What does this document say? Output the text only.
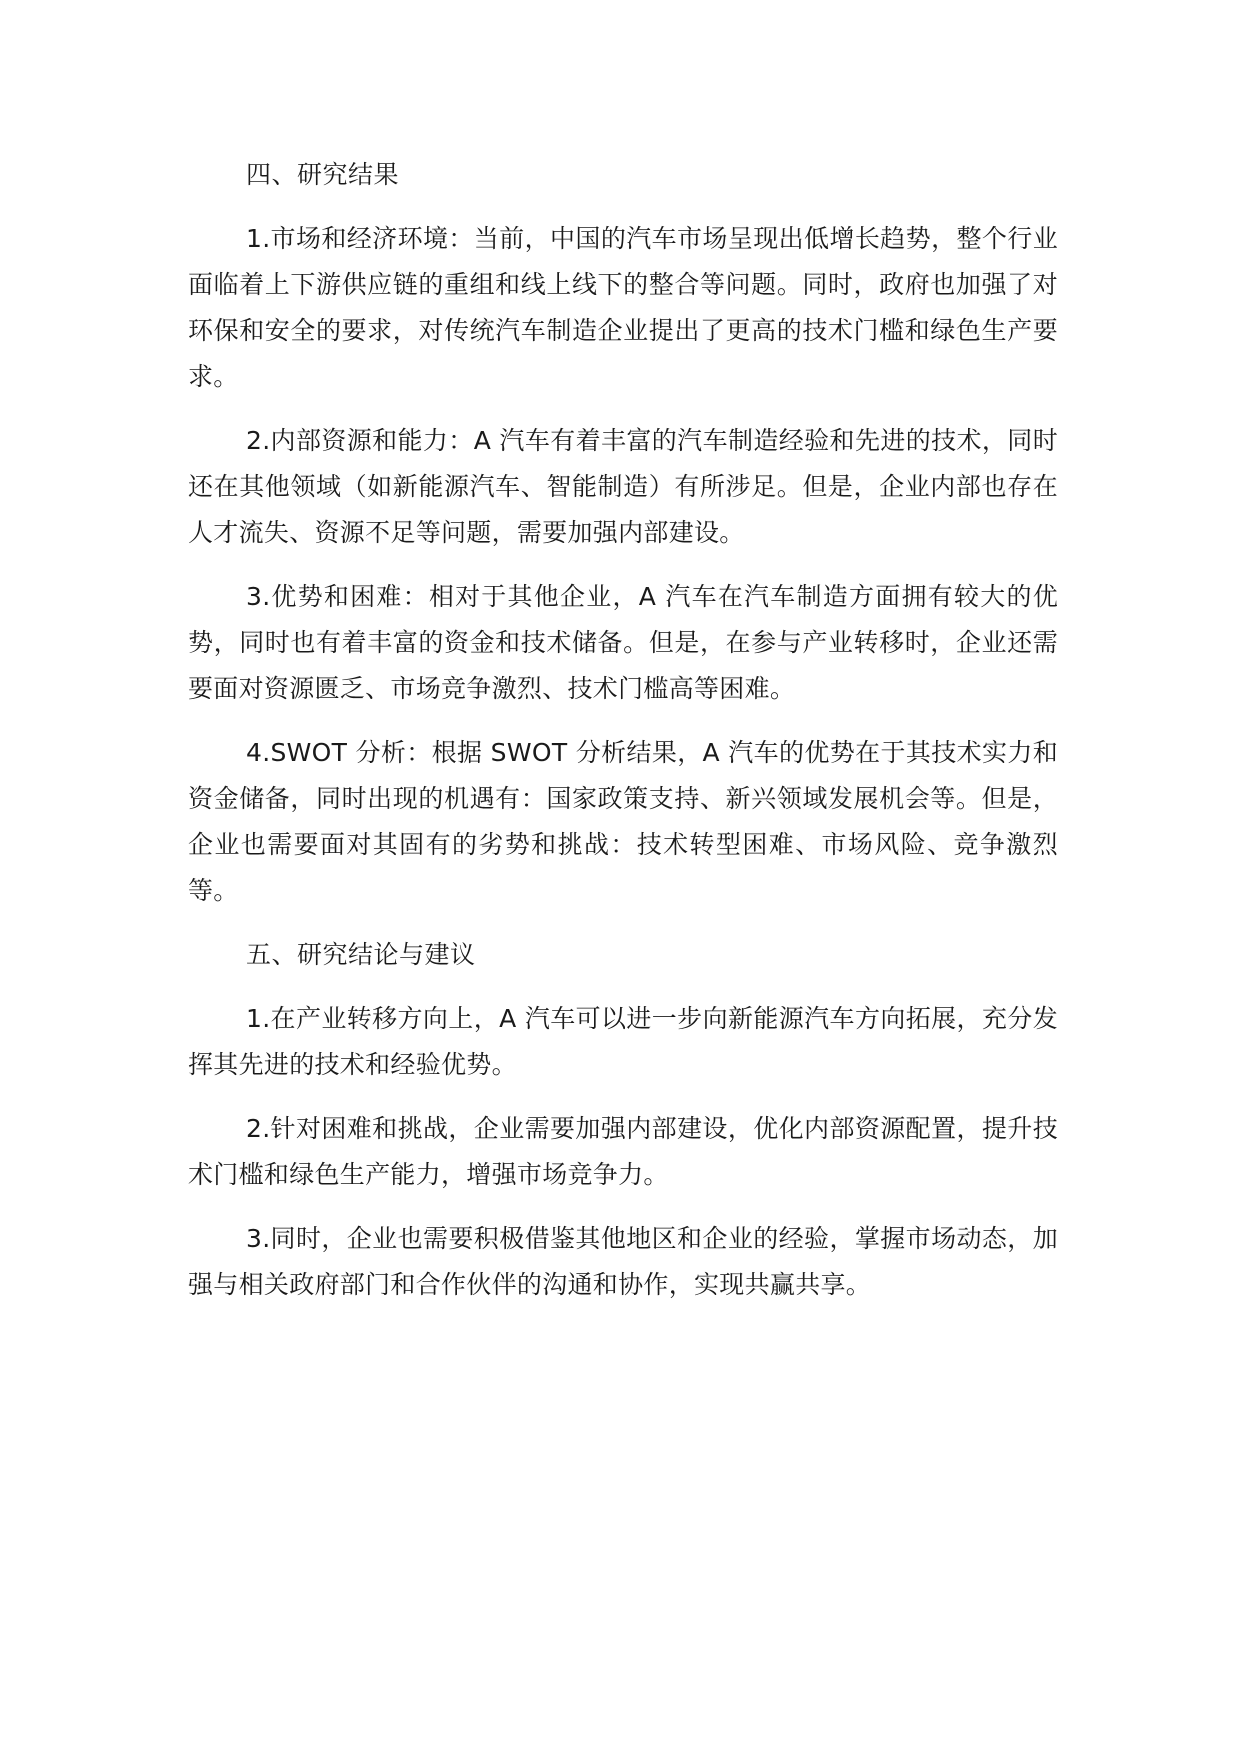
四、研究结果

1.市场和经济环境：当前，中国的汽车市场呈现出低增长趋势，整个行业面临着上下游供应链的重组和线上线下的整合等问题。同时，政府也加强了对环保和安全的要求，对传统汽车制造企业提出了更高的技术门槛和绿色生产要求。

2.内部资源和能力：A 汽车有着丰富的汽车制造经验和先进的技术，同时还在其他领域（如新能源汽车、智能制造）有所涉足。但是，企业内部也存在人才流失、资源不足等问题，需要加强内部建设。

3.优势和困难：相对于其他企业，A 汽车在汽车制造方面拥有较大的优势，同时也有着丰富的资金和技术储备。但是，在参与产业转移时，企业还需要面对资源匮乏、市场竞争激烈、技术门槛高等困难。

4.SWOT 分析：根据 SWOT 分析结果，A 汽车的优势在于其技术实力和资金储备，同时出现的机遇有：国家政策支持、新兴领域发展机会等。但是，企业也需要面对其固有的劣势和挑战：技术转型困难、市场风险、竞争激烈等。

五、研究结论与建议

1.在产业转移方向上，A 汽车可以进一步向新能源汽车方向拓展，充分发挥其先进的技术和经验优势。

2.针对困难和挑战，企业需要加强内部建设，优化内部资源配置，提升技术门槛和绿色生产能力，增强市场竞争力。

3.同时，企业也需要积极借鉴其他地区和企业的经验，掌握市场动态，加强与相关政府部门和合作伙伴的沟通和协作，实现共赢共享。
